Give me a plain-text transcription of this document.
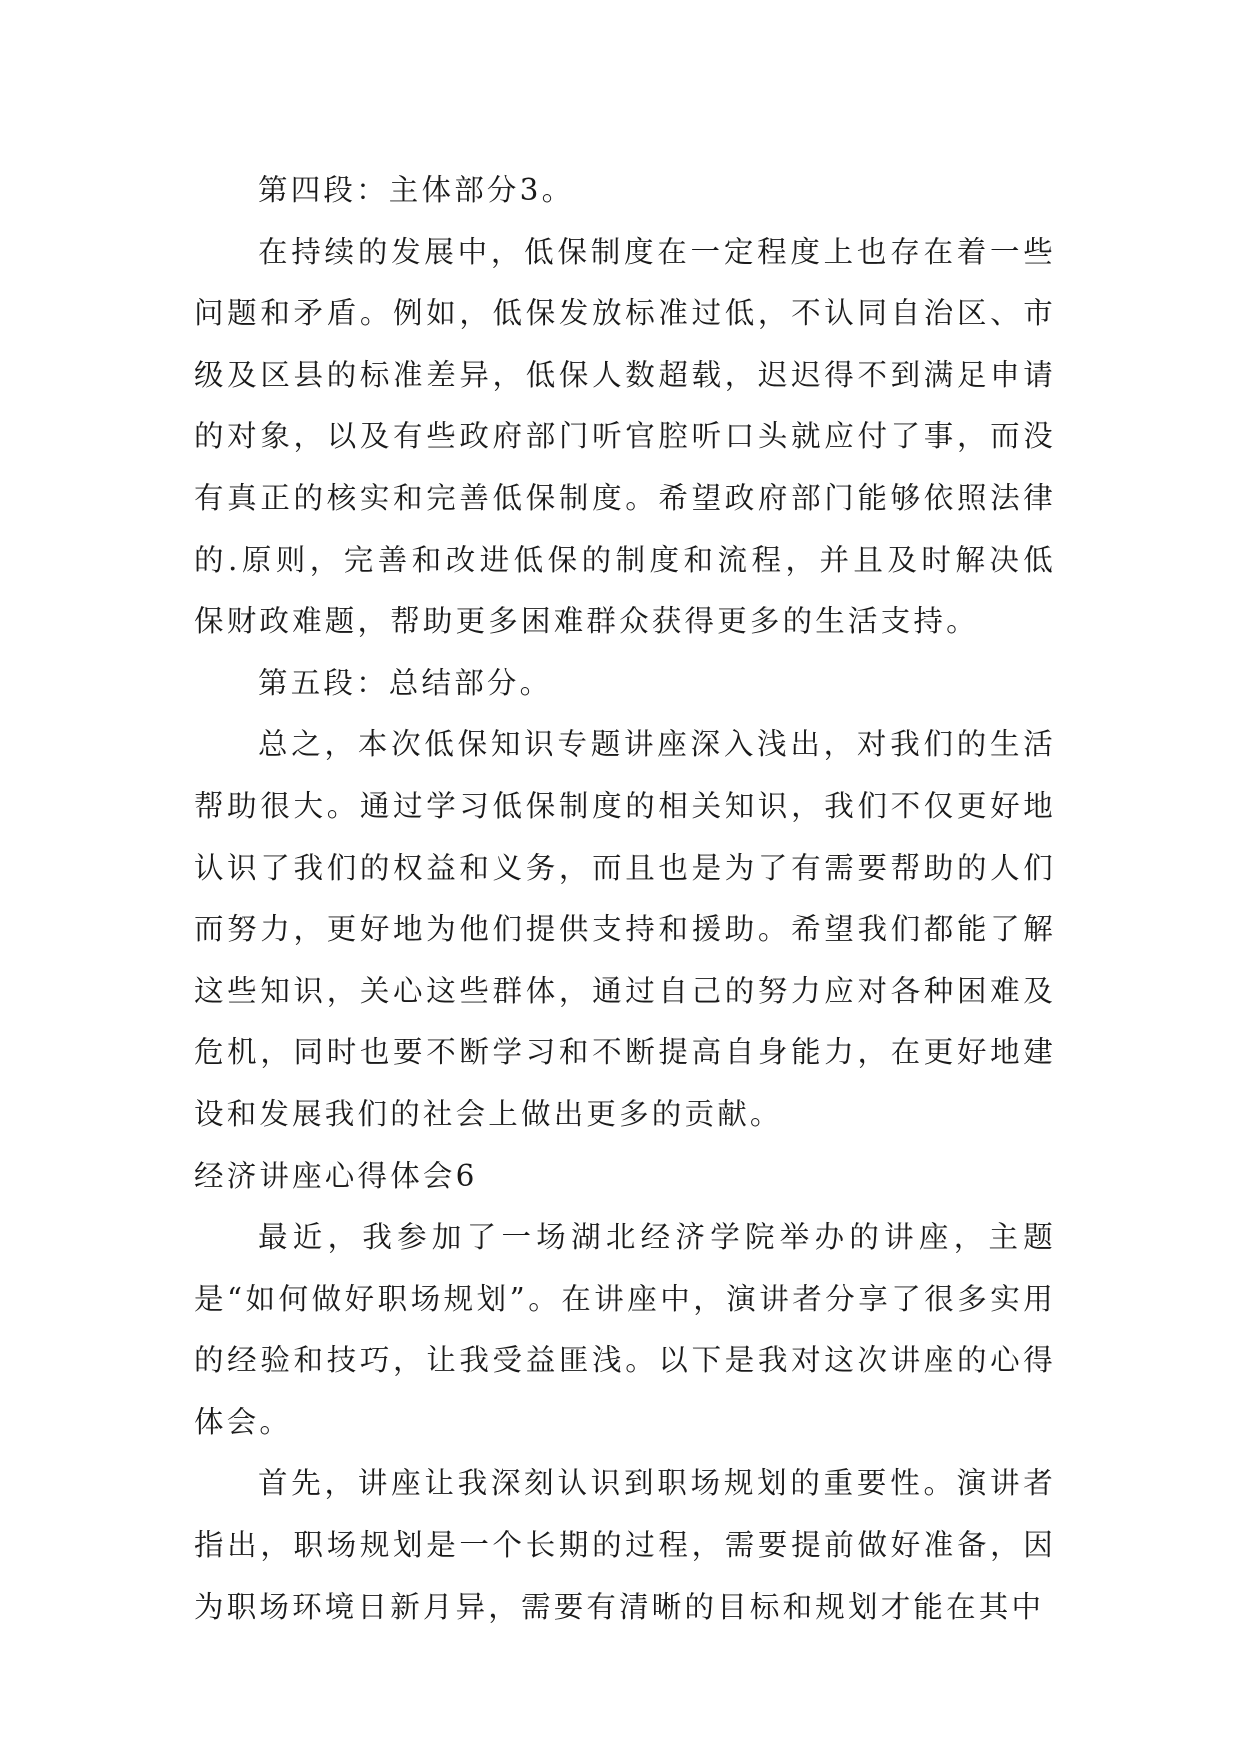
第四段：主体部分3。

在持续的发展中，低保制度在一定程度上也存在着一些问题和矛盾。例如，低保发放标准过低，不认同自治区、市级及区县的标准差异，低保人数超载，迟迟得不到满足申请的对象，以及有些政府部门听官腔听口头就应付了事，而没有真正的核实和完善低保制度。希望政府部门能够依照法律的.原则，完善和改进低保的制度和流程，并且及时解决低保财政难题，帮助更多困难群众获得更多的生活支持。

第五段：总结部分。

总之，本次低保知识专题讲座深入浅出，对我们的生活帮助很大。通过学习低保制度的相关知识，我们不仅更好地认识了我们的权益和义务，而且也是为了有需要帮助的人们而努力，更好地为他们提供支持和援助。希望我们都能了解这些知识，关心这些群体，通过自己的努力应对各种困难及危机，同时也要不断学习和不断提高自身能力，在更好地建设和发展我们的社会上做出更多的贡献。

经济讲座心得体会6

最近，我参加了一场湖北经济学院举办的讲座，主题是“如何做好职场规划”。在讲座中，演讲者分享了很多实用的经验和技巧，让我受益匪浅。以下是我对这次讲座的心得体会。

首先，讲座让我深刻认识到职场规划的重要性。演讲者指出，职场规划是一个长期的过程，需要提前做好准备，因为职场环境日新月异，需要有清晰的目标和规划才能在其中
